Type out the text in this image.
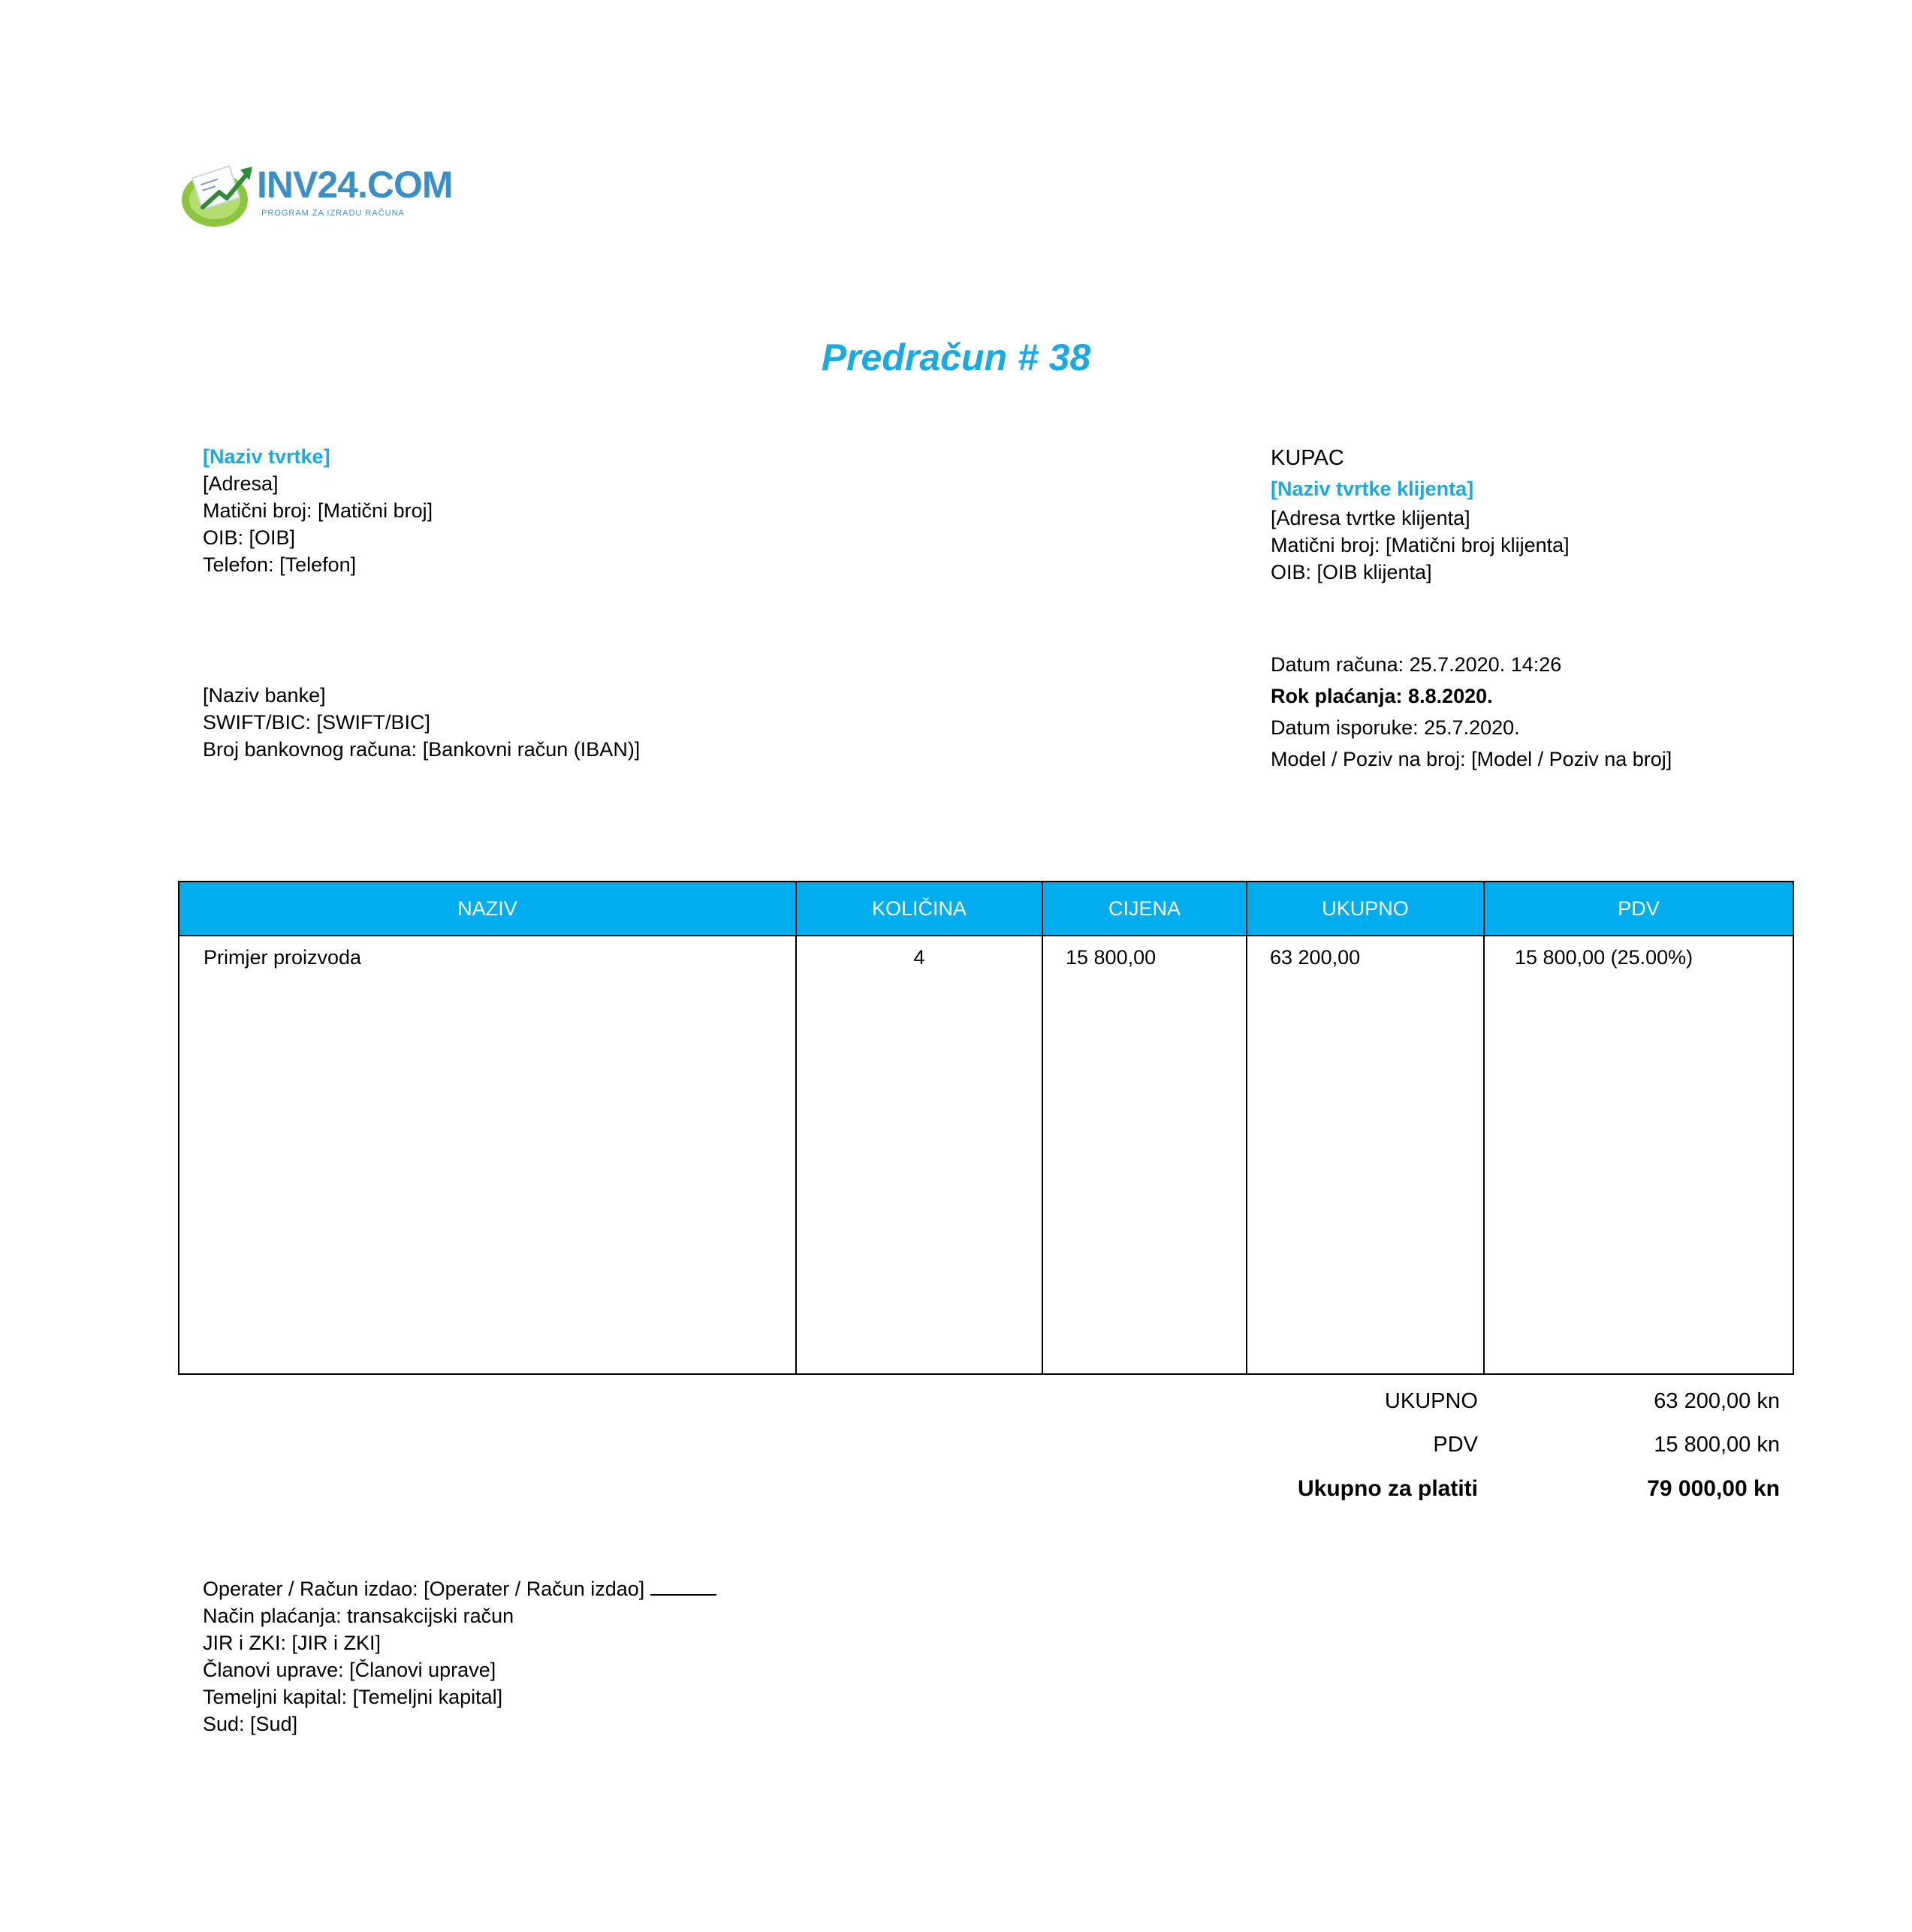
INV24.COM
PROGRAM ZA IZRADU RAČUNA
Predračun # 38
[Naziv tvrtke]
[Adresa]
Matični broj: [Matični broj]
OIB: [OIB]
Telefon: [Telefon]
KUPAC
[Naziv tvrtke klijenta]
[Adresa tvrtke klijenta]
Matični broj: [Matični broj klijenta]
OIB: [OIB klijenta]
[Naziv banke]
SWIFT/BIC: [SWIFT/BIC]
Broj bankovnog računa: [Bankovni račun (IBAN)]
Datum računa: 25.7.2020. 14:26
Rok plaćanja: 8.8.2020.
Datum isporuke: 25.7.2020.
Model / Poziv na broj: [Model / Poziv na broj]
NAZIV	KOLIČINA	CIJENA	UKUPNO	PDV
Primjer proizvoda	4	15 800,00	63 200,00	15 800,00 (25.00%)
UKUPNO	63 200,00 kn
PDV	15 800,00 kn
Ukupno za platiti	79 000,00 kn
Operater / Račun izdao: [Operater / Račun izdao]
Način plaćanja: transakcijski račun
JIR i ZKI: [JIR i ZKI]
Članovi uprave: [Članovi uprave]
Temeljni kapital: [Temeljni kapital]
Sud: [Sud]
